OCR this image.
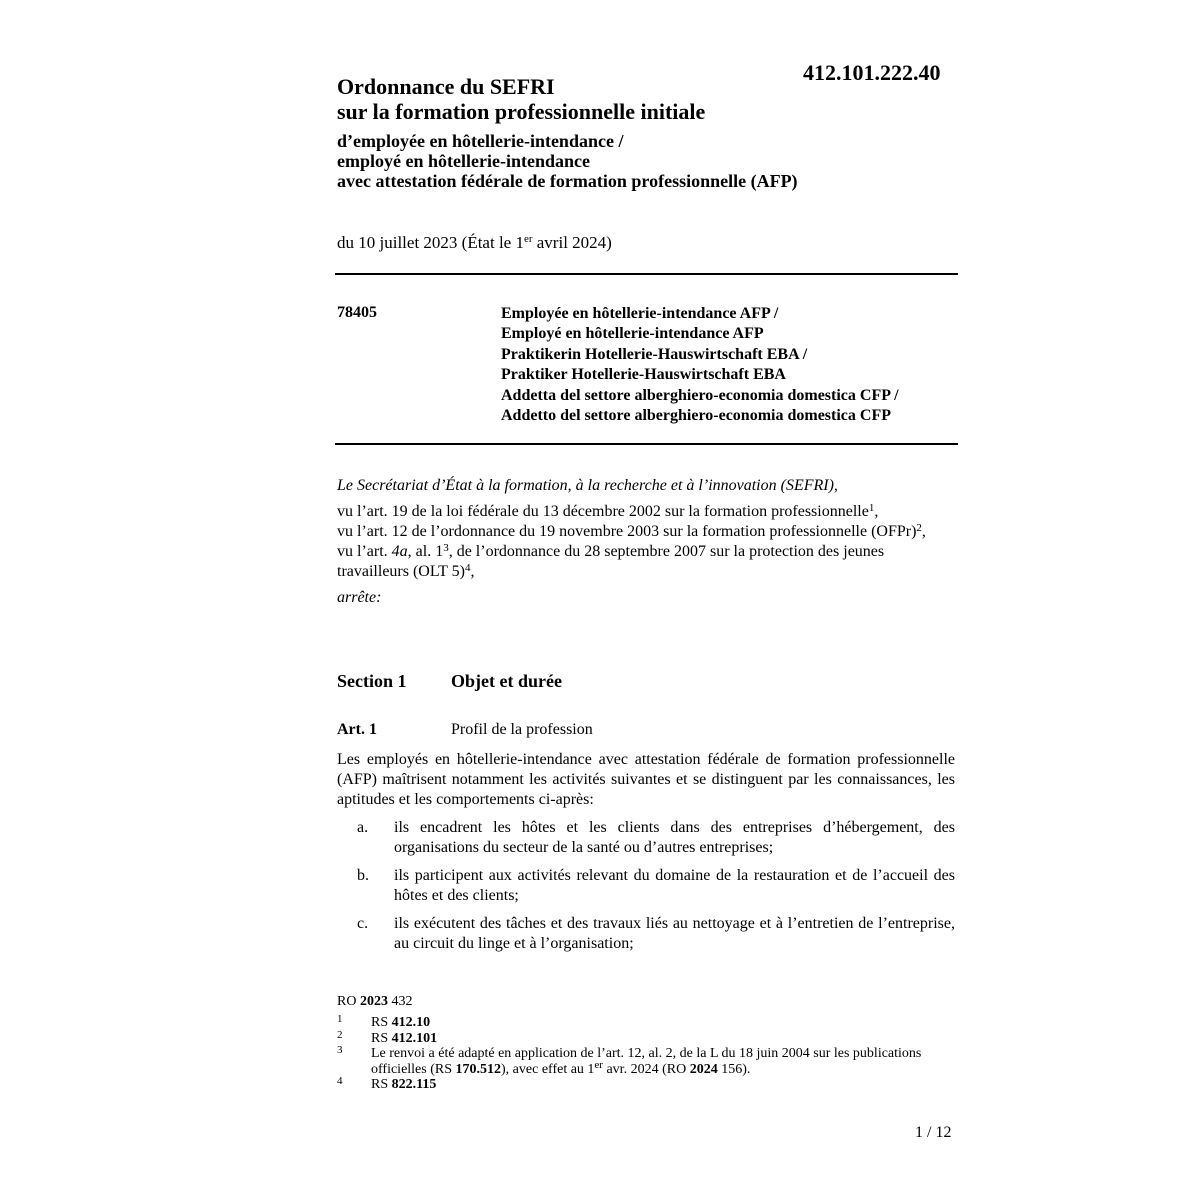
412.101.222.40
Ordonnance du SEFRI
sur la formation professionnelle initiale
d’employée en hôtellerie-intendance /
employé en hôtellerie-intendance
avec attestation fédérale de formation professionnelle (AFP)
du 10 juillet 2023 (État le 1er avril 2024)
78405	Employée en hôtellerie-intendance AFP /
Employé en hôtellerie-intendance AFP
Praktikerin Hotellerie-Hauswirtschaft EBA /
Praktiker Hotellerie-Hauswirtschaft EBA
Addetta del settore alberghiero-economia domestica CFP /
Addetto del settore alberghiero-economia domestica CFP

Le Secrétariat d’État à la formation, à la recherche et à l’innovation (SEFRI),

vu l’art. 19 de la loi fédérale du 13 décembre 2002 sur la formation professionnelle$^1$,

vu l’art. 12 de l’ordonnance du 19 novembre 2003 sur la formation professionnelle (OFPr)$^2$,

vu l’art. 4a, al. $1^3$, de l’ordonnance du 28 septembre 2007 sur la protection des jeunes travailleurs (OLT 5)$^4$,

arrête:

Section 1 Objet et durée
Art. 1	Profil de la profession

Les employés en hôtellerie-intendance avec attestation fédérale de formation professionnelle (AFP) maîtrisent notamment les activités suivantes et se distinguent par les connaissances, les aptitudes et les comportements ci-après:

a. ils encadrent les hôtes et les clients dans des entreprises d’hébergement, des organisations du secteur de la santé ou d’autres entreprises;
b. ils participent aux activités relevant du domaine de la restauration et de l’accueil des hôtes et des clients;
c. ils exécutent des tâches et des travaux liés au nettoyage et à l’entretien de l’entreprise, au circuit du linge et à l’organisation;
RO 2023 432
1 RS 412.10
2 RS 412.101
3 Le renvoi a été adapté en application de l’art. 12, al. 2, de la L du 18 juin 2004 sur les publications officielles (RS 170.512), avec effet au 1er avr. 2024 (RO 2024 156).
4 RS 822.115
1 / 12
